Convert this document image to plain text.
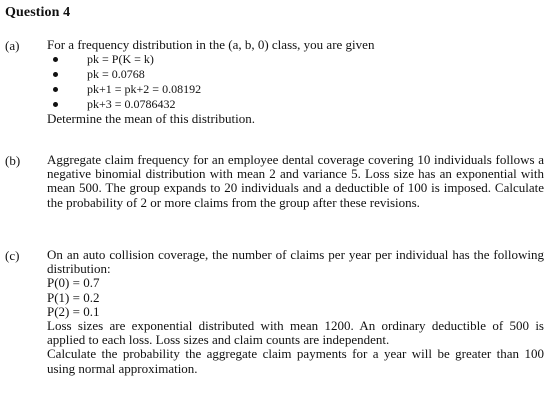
Question 4
(a) For a frequency distribution in the (a, b, 0) class, you are given
pk = P(K = k)
pk = 0.0768
pk+1 = pk+2 = 0.08192
pk+3 = 0.0786432
Determine the mean of this distribution.
(b) Aggregate claim frequency for an employee dental coverage covering 10 individuals follows a negative binomial distribution with mean 2 and variance 5. Loss size has an exponential with mean 500. The group expands to 20 individuals and a deductible of 100 is imposed. Calculate the probability of 2 or more claims from the group after these revisions.
(c) On an auto collision coverage, the number of claims per year per individual has the following distribution:
P(0) = 0.7
P(1) = 0.2
P(2) = 0.1
Loss sizes are exponential distributed with mean 1200. An ordinary deductible of 500 is applied to each loss. Loss sizes and claim counts are independent.
Calculate the probability the aggregate claim payments for a year will be greater than 100 using normal approximation.
